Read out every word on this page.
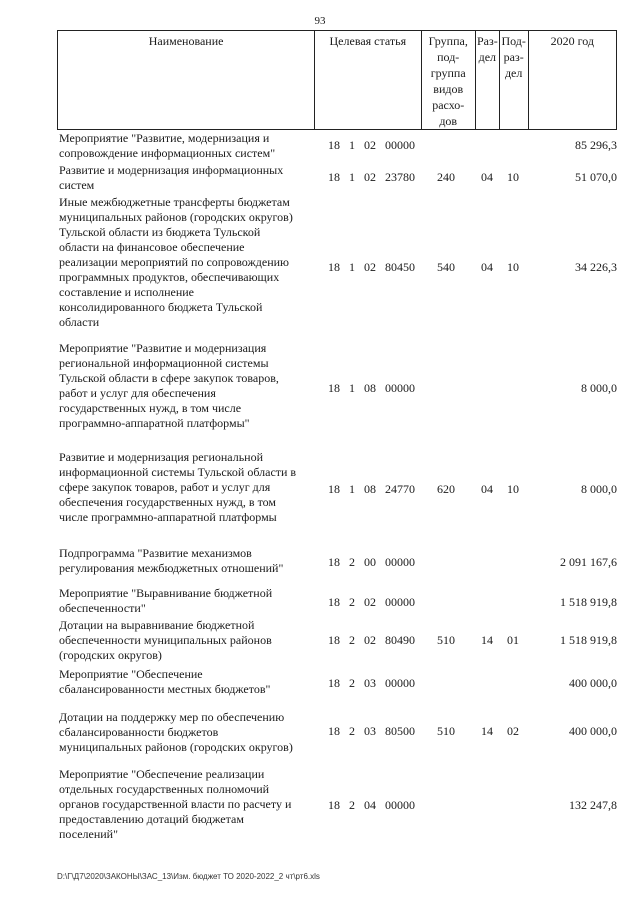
93
Наименование	Целевая статья	Группа,
под-
группа
видов
расхо-
дов	Раз-
дел	Под-
раз-
дел	2020 год
Мероприятие "Развитие, модернизация и
сопровождение информационных систем"
18 1 02 00000	85 296,3
Развитие и модернизация информационных
систем
18 1 02 23780	240	04	10	51 070,0
Иные межбюджетные трансферты бюджетам
муниципальных районов (городских округов)
Тульской области из бюджета Тульской
области на финансовое обеспечение
реализации мероприятий по сопровождению
программных продуктов, обеспечивающих
составление и исполнение
консолидированного бюджета Тульской
области
18 1 02 80450	540	04	10	34 226,3
Мероприятие "Развитие и модернизация
региональной информационной системы
Тульской области в сфере закупок товаров,
работ и услуг для обеспечения
государственных нужд, в том числе
программно-аппаратной платформы"
18 1 08 00000	8 000,0
Развитие и модернизация региональной
информационной системы Тульской области в
сфере закупок товаров, работ и услуг для
обеспечения государственных нужд, в том
числе программно-аппаратной платформы
18 1 08 24770	620	04	10	8 000,0
Подпрограмма "Развитие механизмов
регулирования межбюджетных отношений"	18 2 00 00000	2 091 167,6
Мероприятие "Выравнивание бюджетной
обеспеченности"	18 2 02 00000	1 518 919,8
Дотации на выравнивание бюджетной
обеспеченности муниципальных районов
(городских округов)
18 2 02 80490	510	14	01	1 518 919,8
Мероприятие "Обеспечение
сбалансированности местных бюджетов"	18 2 03 00000	400 000,0
Дотации на поддержку мер по обеспечению
сбалансированности бюджетов
муниципальных районов (городских округов)
18 2 03 80500	510	14	02	400 000,0
Мероприятие "Обеспечение реализации
отдельных государственных полномочий
органов государственной власти по расчету и
предоставлению дотаций бюджетам
поселений"
18 2 04 00000	132 247,8
D:\Г\Д7\2020\ЗАКОНЫ\ЗАС_13\Изм. бюджет ТО 2020-2022_2 чт\рт6.xls
